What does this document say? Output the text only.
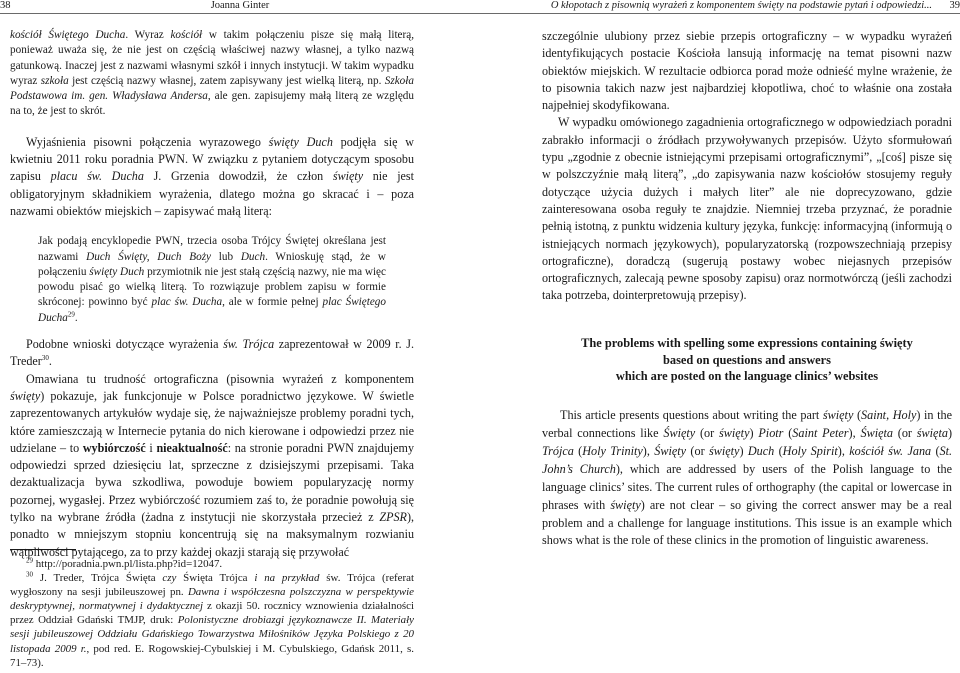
38	Joanna Ginter

kościół Świętego Ducha. Wyraz kościół w takim połączeniu pisze się małą literą, ponieważ uważa się, że nie jest on częścią właściwej nazwy własnej, a tylko nazwą gatunkową. Inaczej jest z nazwami własnymi szkół i innych instytucji. W takim wypadku wyraz szkoła jest częścią nazwy własnej, zatem zapisywany jest wielką literą, np. Szkoła Podstawowa im. gen. Władysława Andersa, ale gen. zapisujemy małą literą ze względu na to, że jest to skrót.

Wyjaśnienia pisowni połączenia wyrazowego święty Duch podjęła się w kwietniu 2011 roku poradnia PWN. W związku z pytaniem dotyczącym sposobu zapisu placu św. Ducha J. Grzenia dowodził, że człon święty nie jest obligatoryjnym składnikiem wyrażenia, dlatego można go skracać i – poza nazwami obiektów miejskich – zapisywać małą literą:

Jak podają encyklopedie PWN, trzecia osoba Trójcy Świętej określana jest nazwami Duch Święty, Duch Boży lub Duch. Wnioskuję stąd, że w połączeniu święty Duch przymiotnik nie jest stałą częścią nazwy, nie ma więc powodu pisać go wielką literą. To rozwiązuje problem zapisu w formie skróconej: powinno być plac św. Ducha, ale w formie pełnej plac Świętego Ducha$^{29}$.

Podobne wnioski dotyczące wyrażenia św. Trójca zaprezentował w 2009 r. J. Treder$^{30}$.

Omawiana tu trudność ortograficzna (pisownia wyrażeń z komponentem święty) pokazuje, jak funkcjonuje w Polsce poradnictwo językowe. W świetle zaprezentowanych artykułów wydaje się, że najważniejsze problemy poradni tych, które zamieszczają w Internecie pytania do nich kierowane i odpowiedzi przez nie udzielane – to wybiórczość i nieaktualność: na stronie poradni PWN znajdujemy odpowiedzi sprzed dziesięciu lat, sprzeczne z dzisiejszymi przepisami. Taka dezaktualizacja bywa szkodliwa, powoduje bowiem popularyzację normy pozornej, wygasłej. Przez wybiórczość rozumiem zaś to, że poradnie powołują się tylko na wybrane źródła (żadna z instytucji nie skorzystała przecież z ZPSR), ponadto w mniejszym stopniu koncentrują się na maksymalnym rozwianiu wątpliwości pytającego, za to przy każdej okazji starają się przywołać

$^{29}$ http://poradnia.pwn.pl/lista.php?id=12047.

$^{30}$ J. Treder, Trójca Święta czy Święta Trójca i na przykład św. Trójca (referat wygłoszony na sesji jubileuszowej pn. Dawna i współczesna polszczyzna w perspektywie deskryptywnej, normatywnej i dydaktycznej z okazji 50. rocznicy wznowienia działalności przez Oddział Gdański TMJP, druk: Polonistyczne drobiazgi językoznawcze II. Materiały sesji jubileuszowej Oddziału Gdańskiego Towarzystwa Miłośników Języka Polskiego z 20 listopada 2009 r., pod red. E. Rogowskiej-Cybulskiej i M. Cybulskiego, Gdańsk 2011, s. 71–73).

O kłopotach z pisownią wyrażeń z komponentem święty na podstawie pytań i odpowiedzi... 39

szczególnie ulubiony przez siebie przepis ortograficzny – w wypadku wyrażeń identyfikujących postacie Kościoła lansują informację na temat pisowni nazw obiektów miejskich. W rezultacie odbiorca porad może odnieść mylne wrażenie, że to pisownia takich nazw jest najbardziej kłopotliwa, choć to właśnie ona została najpełniej skodyfikowana.

W wypadku omówionego zagadnienia ortograficznego w odpowiedziach poradni zabrakło informacji o źródłach przywoływanych przepisów. Użyto sformułowań typu „zgodnie z obecnie istniejącymi przepisami ortograficznymi”, „[coś] pisze się w polszczyźnie małą literą”, „do zapisywania nazw kościołów stosujemy reguły dotyczące użycia dużych i małych liter” ale nie doprecyzowano, gdzie zainteresowana osoba reguły te znajdzie. Niemniej trzeba przyznać, że poradnie pełnią istotną, z punktu widzenia kultury języka, funkcję: informacyjną (informują o istniejących normach językowych), popularyzatorską (rozpowszechniają przepisy ortograficzne), doradczą (sugerują postawy wobec niejasnych przepisów ortograficznych, zalecają pewne sposoby zapisu) oraz normotwórczą (jeśli zachodzi taka potrzeba, dointerpretowują przepisy).

The problems with spelling some expressions containing święty

based on questions and answers

which are posted on the language clinics’ websites

This article presents questions about writing the part święty (Saint, Holy) in the verbal connections like Święty (or święty) Piotr (Saint Peter), Święta (or święta) Trójca (Holy Trinity), Święty (or święty) Duch (Holy Spirit), kościół św. Jana (St. John’s Church), which are addressed by users of the Polish language to the language clinics’ sites. The current rules of orthography (the capital or lowercase in phrases with święty) are not clear – so giving the correct answer may be a real problem and a challenge for language institutions. This issue is an example which shows what is the role of these clinics in the promotion of linguistic awareness.
